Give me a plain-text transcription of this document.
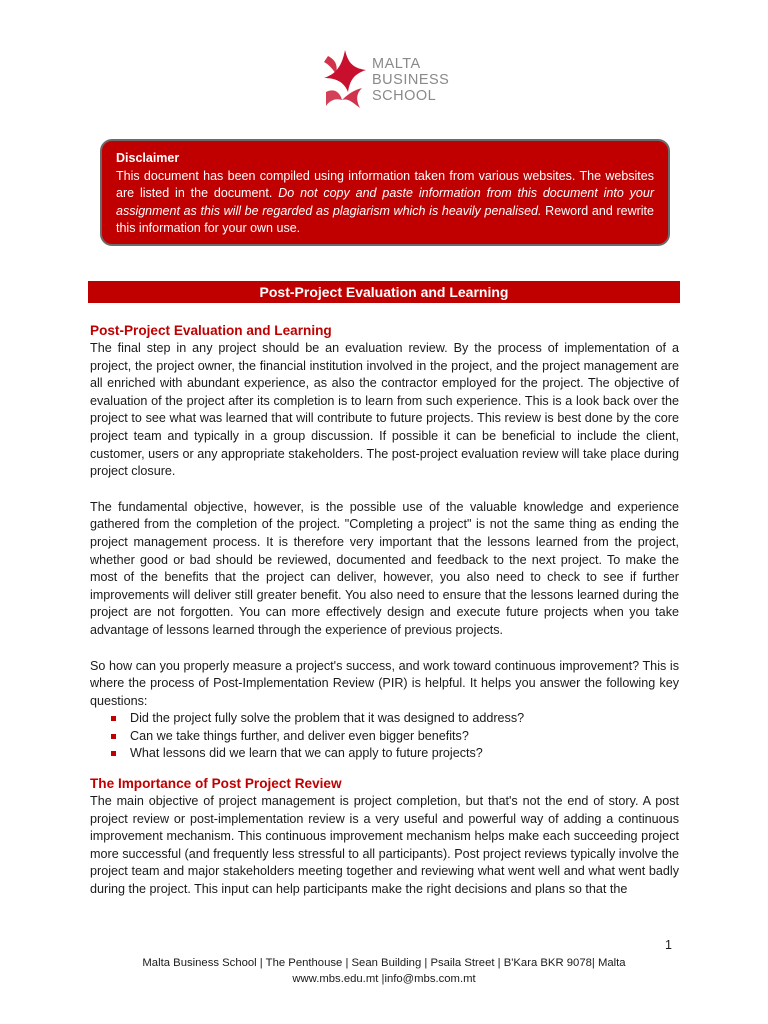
MALTA
BUSINESS
SCHOOL
Disclaimer

This document has been compiled using information taken from various websites. The websites are listed in the document. Do not copy and paste information from this document into your assignment as this will be regarded as plagiarism which is heavily penalised. Reword and rewrite this information for your own use.

Post-Project Evaluation and Learning
Post-Project Evaluation and Learning

The final step in any project should be an evaluation review. By the process of implementation of a project, the project owner, the financial institution involved in the project, and the project management are all enriched with abundant experience, as also the contractor employed for the project. The objective of evaluation of the project after its completion is to learn from such experience. This is a look back over the project to see what was learned that will contribute to future projects. This review is best done by the core project team and typically in a group discussion. If possible it can be beneficial to include the client, customer, users or any appropriate stakeholders. The post-project evaluation review will take place during project closure.

The fundamental objective, however, is the possible use of the valuable knowledge and experience gathered from the completion of the project. "Completing a project" is not the same thing as ending the project management process. It is therefore very important that the lessons learned from the project, whether good or bad should be reviewed, documented and feedback to the next project. To make the most of the benefits that the project can deliver, however, you also need to check to see if further improvements will deliver still greater benefit. You also need to ensure that the lessons learned during the project are not forgotten. You can more effectively design and execute future projects when you take advantage of lessons learned through the experience of previous projects.

So how can you properly measure a project's success, and work toward continuous improvement? This is where the process of Post-Implementation Review (PIR) is helpful. It helps you answer the following key questions:

Did the project fully solve the problem that it was designed to address?
Can we take things further, and deliver even bigger benefits?
What lessons did we learn that we can apply to future projects?
The Importance of Post Project Review

The main objective of project management is project completion, but that's not the end of story. A post project review or post-implementation review is a very useful and powerful way of adding a continuous improvement mechanism. This continuous improvement mechanism helps make each succeeding project more successful (and frequently less stressful to all participants). Post project reviews typically involve the project team and major stakeholders meeting together and reviewing what went well and what went badly during the project. This input can help participants make the right decisions and plans so that the

1
Malta Business School | The Penthouse | Sean Building | Psaila Street | B'Kara BKR 9078| Malta
www.mbs.edu.mt |info@mbs.com.mt
